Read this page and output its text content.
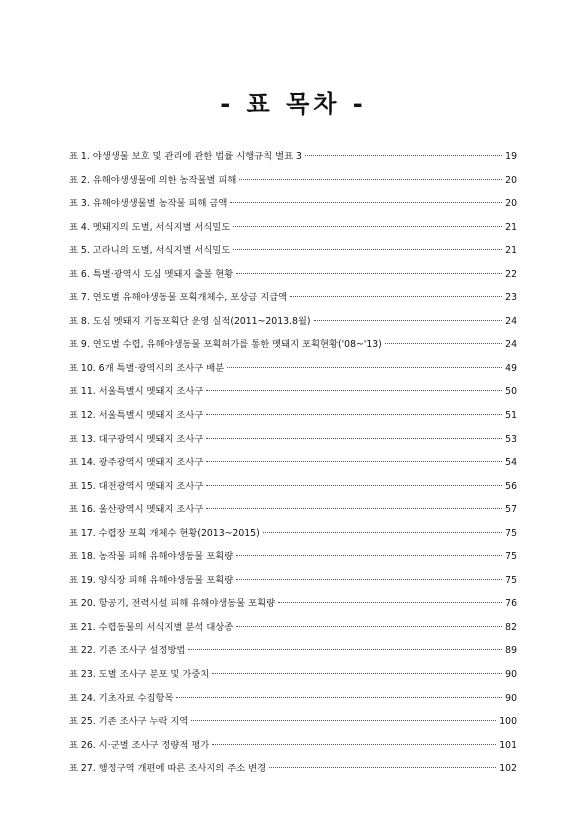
- 표 목차 -
표 1. 야생생물 보호 및 관리에 관한 법률 시행규칙 별표 3	19
표 2. 유해야생생물에 의한 농작물별 피해	20
표 3. 유해야생생물별 농작물 피해 금액	20
표 4. 멧돼지의 도별, 서식지별 서식밀도	21
표 5. 고라니의 도별, 서식지별 서식밀도	21
표 6. 특별·광역시 도심 멧돼지 출몰 현황	22
표 7. 연도별 유해야생동물 포획개체수, 포상금 지급액	23
표 8. 도심 멧돼지 기동포획단 운영 실적(2011~2013.8월)	24
표 9. 연도별 수렵, 유해야생동물 포획허가를 통한 멧돼지 포획현황('08~'13)	24
표 10. 6개 특별·광역시의 조사구 배분	49
표 11. 서울특별시 멧돼지 조사구	50
표 12. 서울특별시 멧돼지 조사구	51
표 13. 대구광역시 멧돼지 조사구	53
표 14. 광주광역시 멧돼지 조사구	54
표 15. 대전광역시 멧돼지 조사구	56
표 16. 울산광역시 멧돼지 조사구	57
표 17. 수렵장 포획 개체수 현황(2013~2015)	75
표 18. 농작물 피해 유해야생동물 포획량	75
표 19. 양식장 피해 유해야생동물 포획량	75
표 20. 항공기, 전력시설 피해 유해야생동물 포획량	76
표 21. 수렵동물의 서식지별 분석 대상종	82
표 22. 기존 조사구 설정방법	89
표 23. 도별 조사구 분포 및 가중치	90
표 24. 기초자료 수집항목	90
표 25. 기존 조사구 누락 지역	100
표 26. 시·군별 조사구 정량적 평가	101
표 27. 행정구역 개편에 따른 조사지의 주소 변경	102
